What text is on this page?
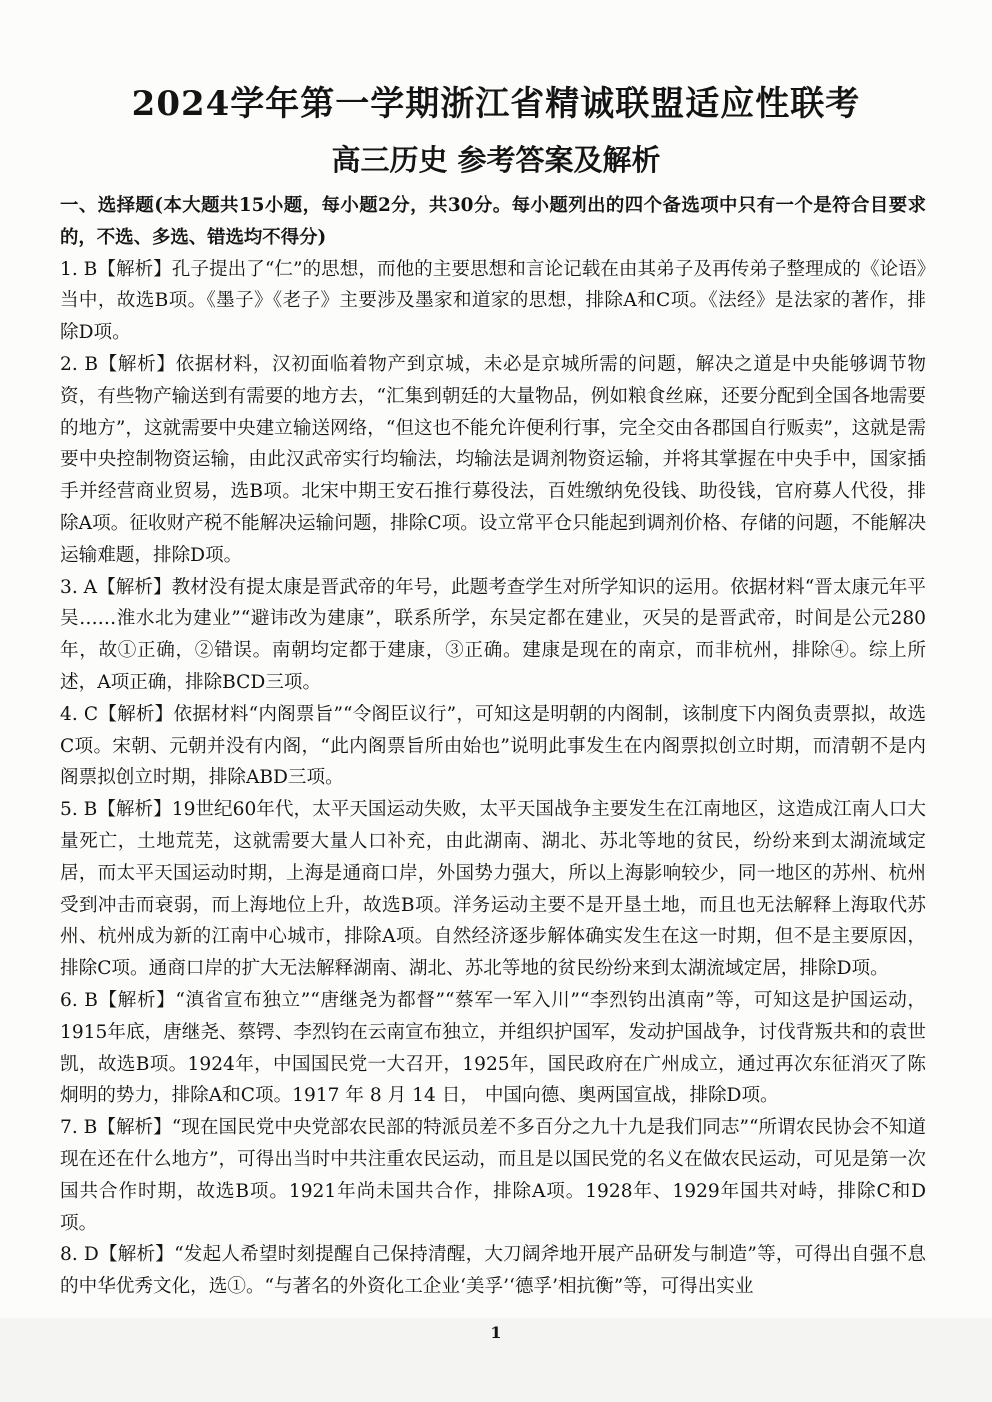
2024学年第一学期浙江省精诚联盟适应性联考
高三历史 参考答案及解析

一、选择题(本大题共15小题，每小题2分，共30分。每小题列出的四个备选项中只有一个是符合目要求的，不选、多选、错选均不得分)

1. B【解析】孔子提出了“仁”的思想，而他的主要思想和言论记载在由其弟子及再传弟子整理成的《论语》当中，故选B项。《墨子》《老子》主要涉及墨家和道家的思想，排除A和C项。《法经》是法家的著作，排除D项。

2. B【解析】依据材料，汉初面临着物产到京城，未必是京城所需的问题，解决之道是中央能够调节物资，有些物产输送到有需要的地方去，“汇集到朝廷的大量物品，例如粮食丝麻，还要分配到全国各地需要的地方”，这就需要中央建立输送网络，“但这也不能允许便利行事，完全交由各郡国自行贩卖”，这就是需要中央控制物资运输，由此汉武帝实行均输法，均输法是调剂物资运输，并将其掌握在中央手中，国家插手并经营商业贸易，选B项。北宋中期王安石推行募役法，百姓缴纳免役钱、助役钱，官府募人代役，排除A项。征收财产税不能解决运输问题，排除C项。设立常平仓只能起到调剂价格、存储的问题，不能解决运输难题，排除D项。

3. A【解析】教材没有提太康是晋武帝的年号，此题考查学生对所学知识的运用。依据材料“晋太康元年平吴……淮水北为建业”“避讳改为建康”，联系所学，东吴定都在建业，灭吴的是晋武帝，时间是公元280年，故①正确，②错误。南朝均定都于建康，③正确。建康是现在的南京，而非杭州，排除④。综上所述，A项正确，排除BCD三项。

4. C【解析】依据材料“内阁票旨”“令阁臣议行”，可知这是明朝的内阁制，该制度下内阁负责票拟，故选C项。宋朝、元朝并没有内阁，“此内阁票旨所由始也”说明此事发生在内阁票拟创立时期，而清朝不是内阁票拟创立时期，排除ABD三项。

5. B【解析】19世纪60年代，太平天国运动失败，太平天国战争主要发生在江南地区，这造成江南人口大量死亡，土地荒芜，这就需要大量人口补充，由此湖南、湖北、苏北等地的贫民，纷纷来到太湖流域定居，而太平天国运动时期，上海是通商口岸，外国势力强大，所以上海影响较少，同一地区的苏州、杭州受到冲击而衰弱，而上海地位上升，故选B项。洋务运动主要不是开垦土地，而且也无法解释上海取代苏州、杭州成为新的江南中心城市，排除A项。自然经济逐步解体确实发生在这一时期，但不是主要原因，排除C项。通商口岸的扩大无法解释湖南、湖北、苏北等地的贫民纷纷来到太湖流域定居，排除D项。

6. B【解析】“滇省宣布独立”“唐继尧为都督”“蔡军一军入川”“李烈钧出滇南”等，可知这是护国运动，1915年底，唐继尧、蔡锷、李烈钧在云南宣布独立，并组织护国军，发动护国战争，讨伐背叛共和的袁世凯，故选B项。1924年，中国国民党一大召开，1925年，国民政府在广州成立，通过再次东征消灭了陈炯明的势力，排除A和C项。1917 年 8 月 14 日， 中国向德、奥两国宣战，排除D项。

7. B【解析】“现在国民党中央党部农民部的特派员差不多百分之九十九是我们同志”“所谓农民协会不知道现在还在什么地方”，可得出当时中共注重农民运动，而且是以国民党的名义在做农民运动，可见是第一次国共合作时期，故选B项。1921年尚未国共合作，排除A项。1928年、1929年国共对峙，排除C和D项。

8. D【解析】“发起人希望时刻提醒自己保持清醒，大刀阔斧地开展产品研发与制造”等，可得出自强不息的中华优秀文化，选①。“与著名的外资化工企业‘美孚’‘德孚’相抗衡”等，可得出实业

1
